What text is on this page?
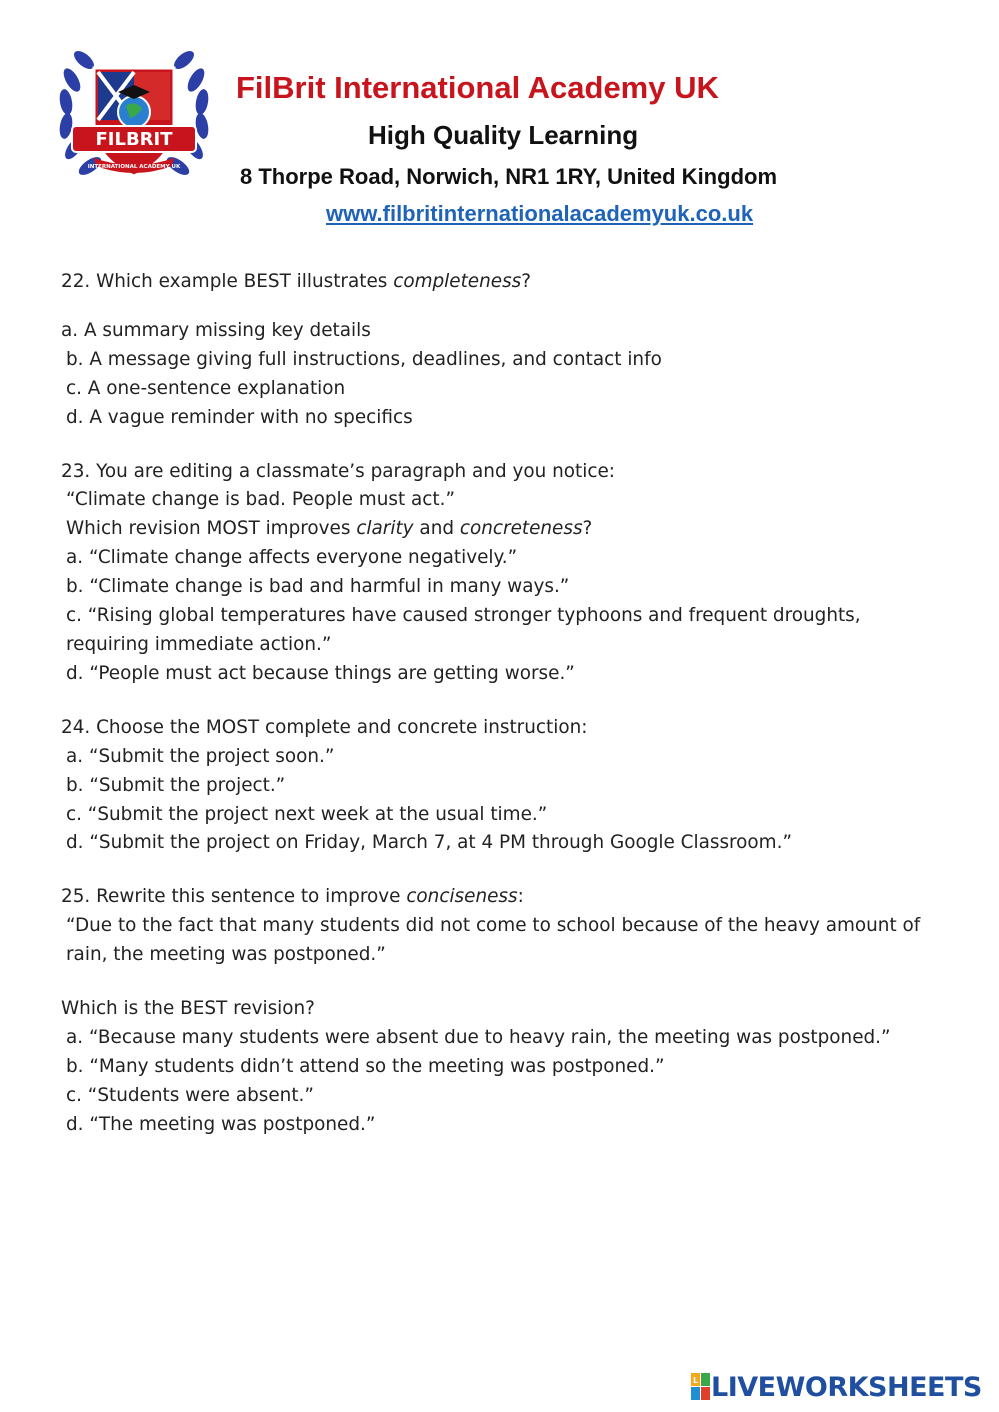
FILBRIT
INTERNATIONAL ACADEMY UK
FilBrit International Academy UK
High Quality Learning
8 Thorpe Road, Norwich, NR1 1RY, United Kingdom
www.filbritinternationalacademyuk.co.uk

22. Which example BEST illustrates completeness?

a. A summary missing key details

b. A message giving full instructions, deadlines, and contact info

c. A one-sentence explanation

d. A vague reminder with no specifics

23. You are editing a classmate’s paragraph and you notice:

“Climate change is bad. People must act.”

Which revision MOST improves clarity and concreteness?

a. “Climate change affects everyone negatively.”

b. “Climate change is bad and harmful in many ways.”

c. “Rising global temperatures have caused stronger typhoons and frequent droughts, requiring immediate action.”

d. “People must act because things are getting worse.”

24. Choose the MOST complete and concrete instruction:

a. “Submit the project soon.”

b. “Submit the project.”

c. “Submit the project next week at the usual time.”

d. “Submit the project on Friday, March 7, at 4 PM through Google Classroom.”

25. Rewrite this sentence to improve conciseness:

“Due to the fact that many students did not come to school because of the heavy amount of rain, the meeting was postponed.”

Which is the BEST revision?

a. “Because many students were absent due to heavy rain, the meeting was postponed.”

b. “Many students didn’t attend so the meeting was postponed.”

c. “Students were absent.”

d. “The meeting was postponed.”

L LIVEWORKSHEETS
